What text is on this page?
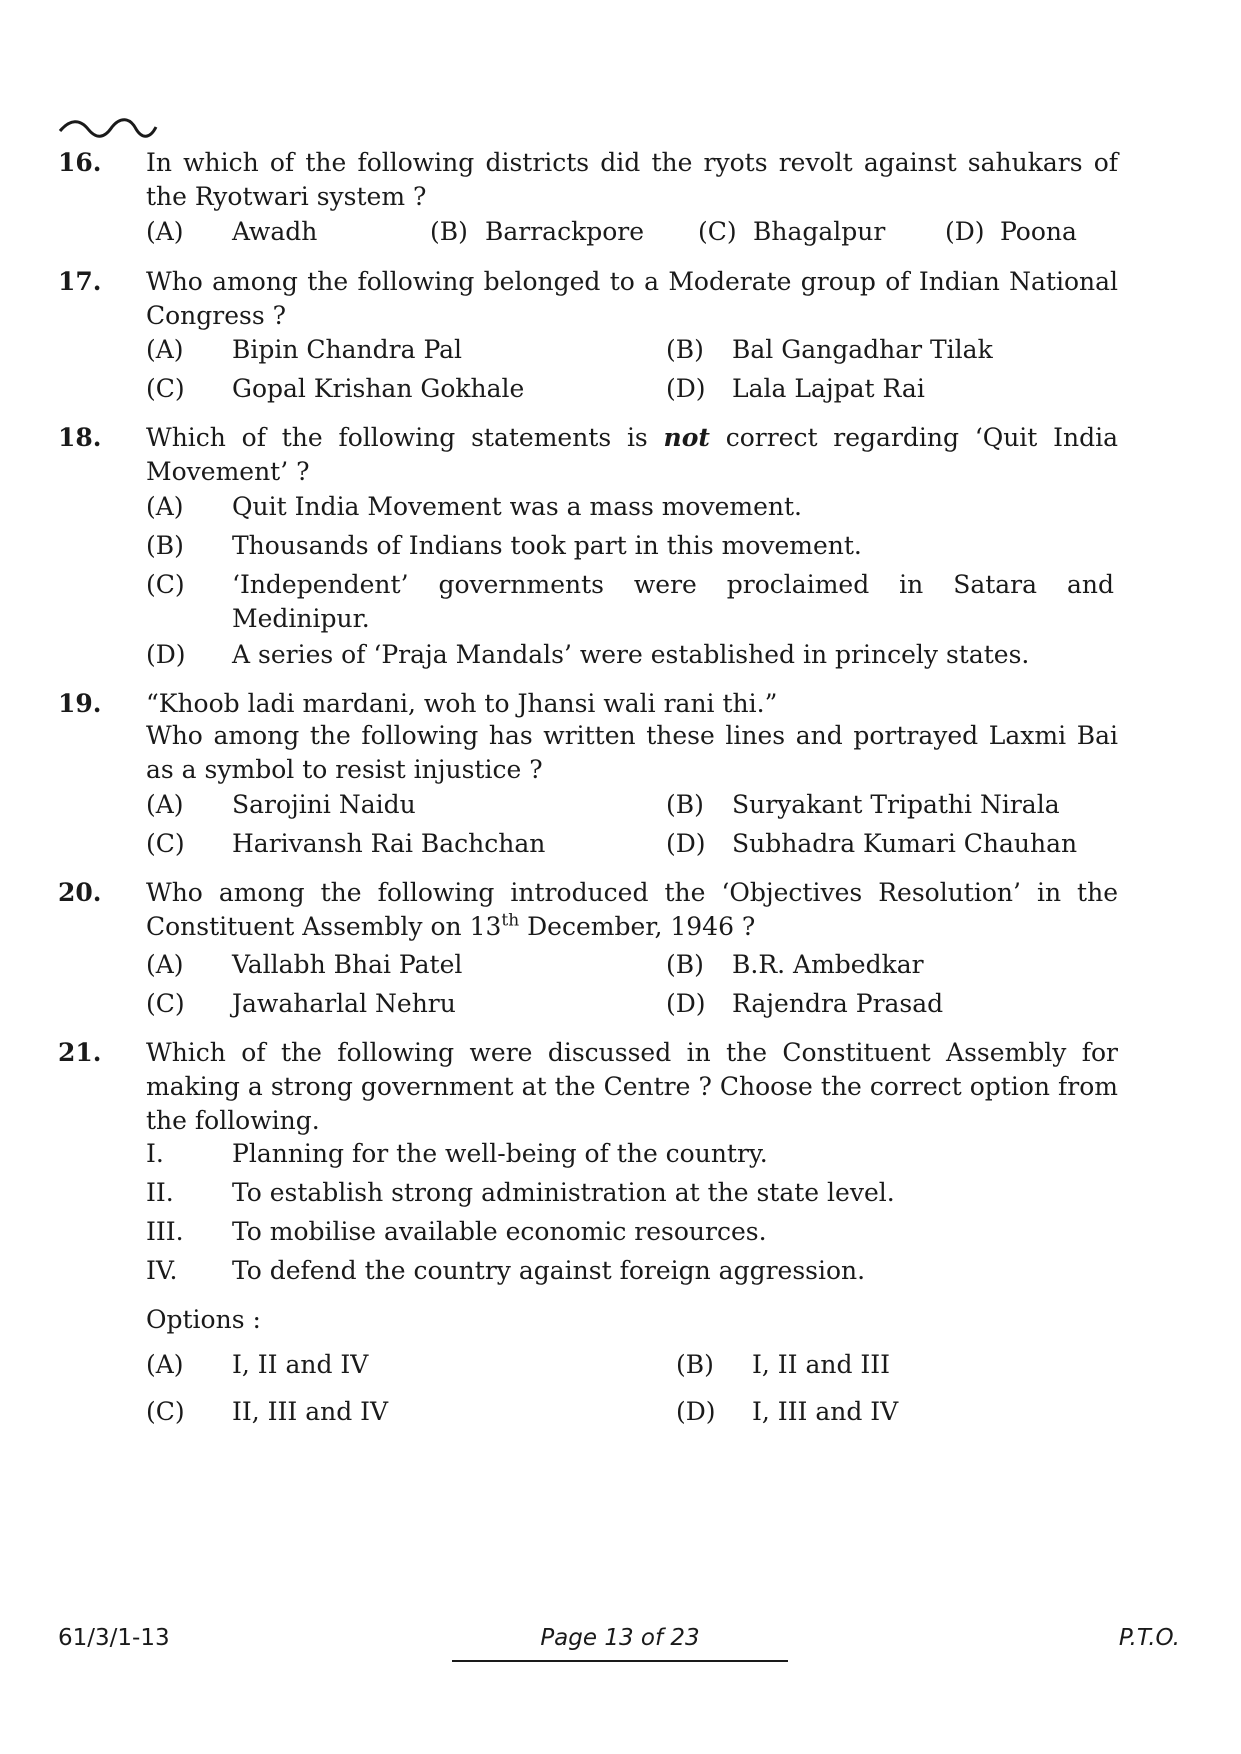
16.	In which of the following districts did the ryots revolt against sahukars of the Ryotwari system ?
(A) Awadh	(B) Barrackpore (C) Bhagalpur (D) Poona
17.	Who among the following belonged to a Moderate group of Indian National Congress ?
(A) Bipin Chandra Pal	(B) Bal Gangadhar Tilak
(C) Gopal Krishan Gokhale	(D) Lala Lajpat Rai
18.	Which of the following statements is not correct regarding ‘Quit India Movement’ ?
(A) Quit India Movement was a mass movement.
(B) Thousands of Indians took part in this movement.
(C) ‘Independent’ governments were proclaimed in Satara and Medinipur.
(D) A series of ‘Praja Mandals’ were established in princely states.
19.	“Khoob ladi mardani, woh to Jhansi wali rani thi.”
Who among the following has written these lines and portrayed Laxmi Bai as a symbol to resist injustice ?
(A) Sarojini Naidu	(B) Suryakant Tripathi Nirala
(C) Harivansh Rai Bachchan	(D) Subhadra Kumari Chauhan
20.	Who among the following introduced the ‘Objectives Resolution’ in the Constituent Assembly on 13th December, 1946 ?
(A) Vallabh Bhai Patel	(B) B.R. Ambedkar
(C) Jawaharlal Nehru	(D) Rajendra Prasad
21.	Which of the following were discussed in the Constituent Assembly for making a strong government at the Centre ? Choose the correct option from the following.
I.	Planning for the well-being of the country.
II. To establish strong administration at the state level.
III. To mobilise available economic resources.
IV. To defend the country against foreign aggression.
Options :
(A) I, II and IV	(B) I, II and III
(C) II, III and IV	(D) I, III and IV
61/3/1-13	Page 13 of 23	P.T.O.
